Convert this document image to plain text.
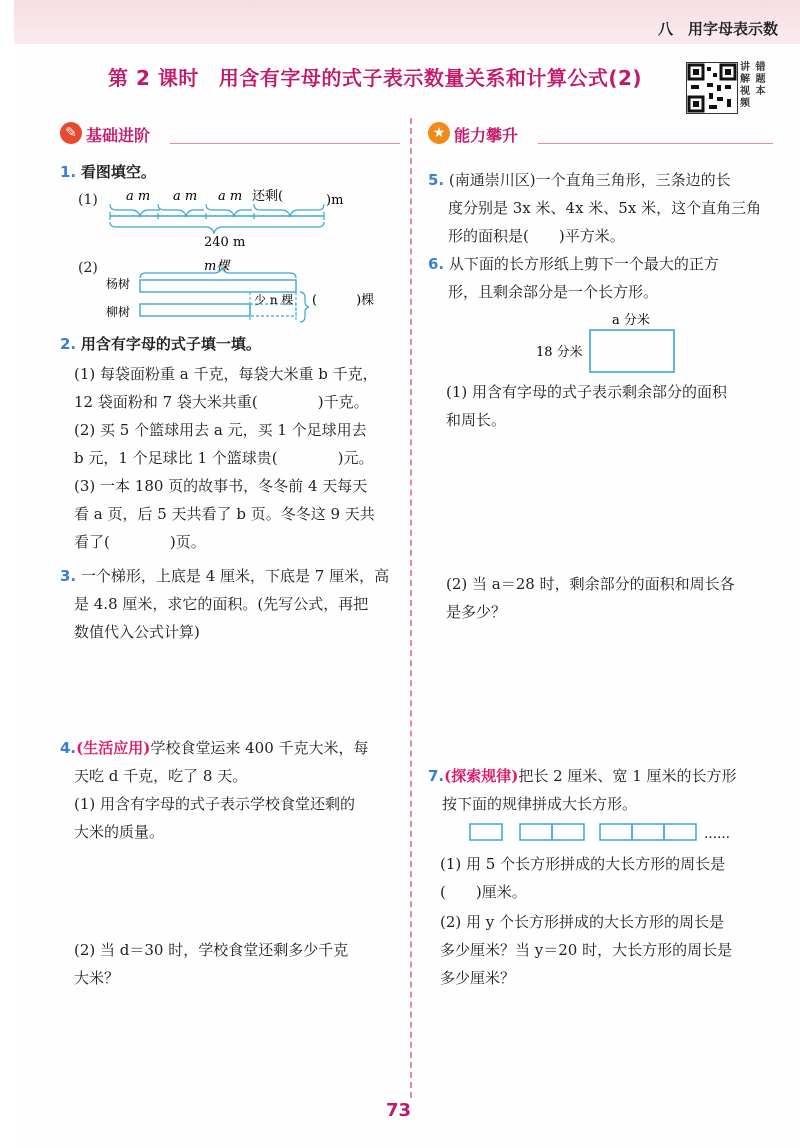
八　用字母表示数
第 2 课时 用含有字母的式子表示数量关系和计算公式(2)	讲解视频 错题本
✎ 基础进阶	★ 能力攀升
1. 看图填空。
(1) a m a m a m 还剩(	)m
240 m
(2)	m棵
杨树
柳树
少 n 棵 (　　　)棵
2. 用含有字母的式子填一填。
(1) 每袋面粉重 a 千克，每袋大米重 b 千克，
12 袋面粉和 7 袋大米共重(　　　　)千克。
(2) 买 5 个篮球用去 a 元，买 1 个足球用去
b 元，1 个足球比 1 个篮球贵(　　　　)元。
(3) 一本 180 页的故事书，冬冬前 4 天每天
看 a 页，后 5 天共看了 b 页。冬冬这 9 天共
看了(　　　　)页。
3. 一个梯形，上底是 4 厘米，下底是 7 厘米，高
是 4.8 厘米，求它的面积。(先写公式，再把
数值代入公式计算)
4.(生活应用)学校食堂运来 400 千克大米，每
天吃 d 千克，吃了 8 天。
(1) 用含有字母的式子表示学校食堂还剩的
大米的质量。
(2) 当 d＝30 时，学校食堂还剩多少千克
大米？
5. (南通崇川区)一个直角三角形，三条边的长
度分别是 3x 米、4x 米、5x 米，这个直角三角
形的面积是(　　)平方米。
6. 从下面的长方形纸上剪下一个最大的正方
形，且剩余部分是一个长方形。
a 分米
18 分米
(1) 用含有字母的式子表示剩余部分的面积
和周长。
(2) 当 a＝28 时，剩余部分的面积和周长各
是多少？
7.(探索规律)把长 2 厘米、宽 1 厘米的长方形
按下面的规律拼成大长方形。
……
(1) 用 5 个长方形拼成的大长方形的周长是
(　　)厘米。
(2) 用 y 个长方形拼成的大长方形的周长是
多少厘米？当 y＝20 时，大长方形的周长是
多少厘米？
73
